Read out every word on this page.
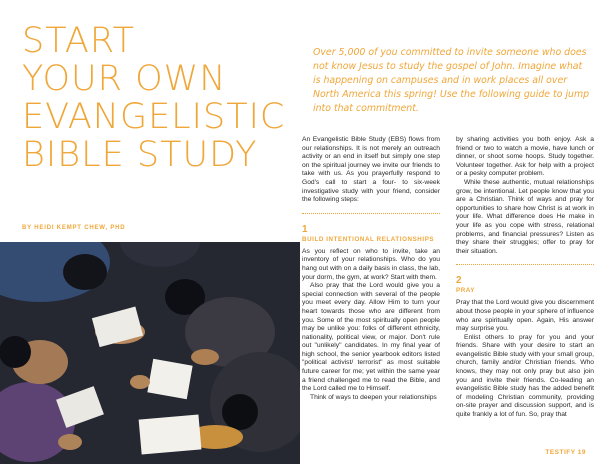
START
YOUR OWN
EVANGELISTIC
BIBLE STUDY
BY HEIDI KEMPT CHEW, PHD
Over 5,000 of you committed to invite someone who does not know Jesus to study the gospel of John. Imagine what is happening on campuses and in work places all over North America this spring! Use the following guide to jump into that commitment.

An Evangelistic Bible Study (EBS) flows from our relationships. It is not merely an outreach activity or an end in itself but simply one step on the spiritual journey we invite our friends to take with us. As you prayerfully respond to God's call to start a four- to six-week investigative study with your friend, consider the following steps:

1
BUILD INTENTIONAL RELATIONSHIPS

As you reflect on who to invite, take an inventory of your relationships. Who do you hang out with on a daily basis in class, the lab, your dorm, the gym, at work? Start with them.

Also pray that the Lord would give you a special connection with several of the people you meet every day. Allow Him to turn your heart towards those who are different from you. Some of the most spiritually open people may be unlike you: folks of different ethnicity, nationality, political view, or major. Don't rule out "unlikely" candidates. In my final year of high school, the senior yearbook editors listed "political activist/ terrorist" as most suitable future career for me; yet within the same year a friend challenged me to read the Bible, and the Lord called me to Himself.

Think of ways to deepen your relationships

by sharing activities you both enjoy. Ask a friend or two to watch a movie, have lunch or dinner, or shoot some hoops. Study together. Volunteer together. Ask for help with a project or a pesky computer problem.

While these authentic, mutual relationships grow, be intentional. Let people know that you are a Christian. Think of ways and pray for opportunities to share how Christ is at work in your life. What difference does He make in your life as you cope with stress, relational problems, and financial pressures? Listen as they share their struggles; offer to pray for their situation.

2
PRAY

Pray that the Lord would give you discernment about those people in your sphere of influence who are spiritually open. Again, His answer may surprise you.

Enlist others to pray for you and your friends. Share with your desire to start an evangelistic Bible study with your small group, church, family and/or Christian friends. Who knows, they may not only pray but also join you and invite their friends. Co-leading an evangelistic Bible study has the added benefit of modeling Christian community, providing on-site prayer and discussion support, and is quite frankly a lot of fun. So, pray that

TESTIFY 19
